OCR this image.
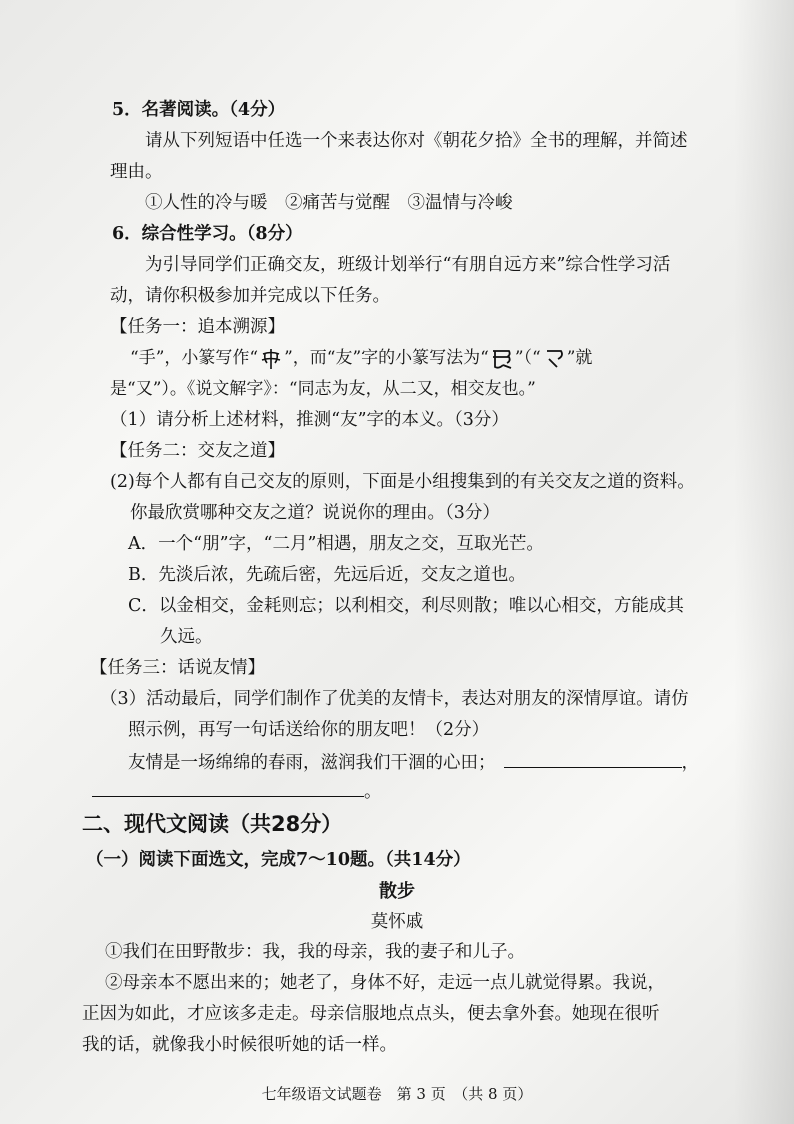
5．名著阅读。（4分）
请从下列短语中任选一个来表达你对《朝花夕拾》全书的理解，并简述
理由。
①人性的冷与暖　②痛苦与觉醒　③温情与冷峻
6．综合性学习。（8分）
为引导同学们正确交友，班级计划举行“有朋自远方来”综合性学习活
动，请你积极参加并完成以下任务。
【任务一：追本溯源】
“手”，小篆写作“ ”，而“友”字的小篆写法为“ ”（“ ”就
是“又”）。《说文解字》：“同志为友，从二又，相交友也。”
（1）请分析上述材料，推测“友”字的本义。（3分）
【任务二：交友之道】
(2)每个人都有自己交友的原则，下面是小组搜集到的有关交友之道的资料。
你最欣赏哪种交友之道？说说你的理由。（3分）
A．一个“朋”字，“二月”相遇，朋友之交，互取光芒。
B．先淡后浓，先疏后密，先远后近，交友之道也。
C．以金相交，金耗则忘；以利相交，利尽则散；唯以心相交，方能成其
久远。
【任务三：话说友情】
（3）活动最后，同学们制作了优美的友情卡，表达对朋友的深情厚谊。请仿
照示例，再写一句话送给你的朋友吧！（2分）
友情是一场绵绵的春雨，滋润我们干涸的心田；	，
。
二、现代文阅读（共28分）
（一）阅读下面选文，完成7～10题。（共14分）
散步
莫怀戚
①我们在田野散步：我，我的母亲，我的妻子和儿子。
②母亲本不愿出来的；她老了，身体不好，走远一点儿就觉得累。我说，
正因为如此，才应该多走走。母亲信服地点点头，便去拿外套。她现在很听
我的话，就像我小时候很听她的话一样。
七年级语文试题卷　第 3 页　（共 8 页）
